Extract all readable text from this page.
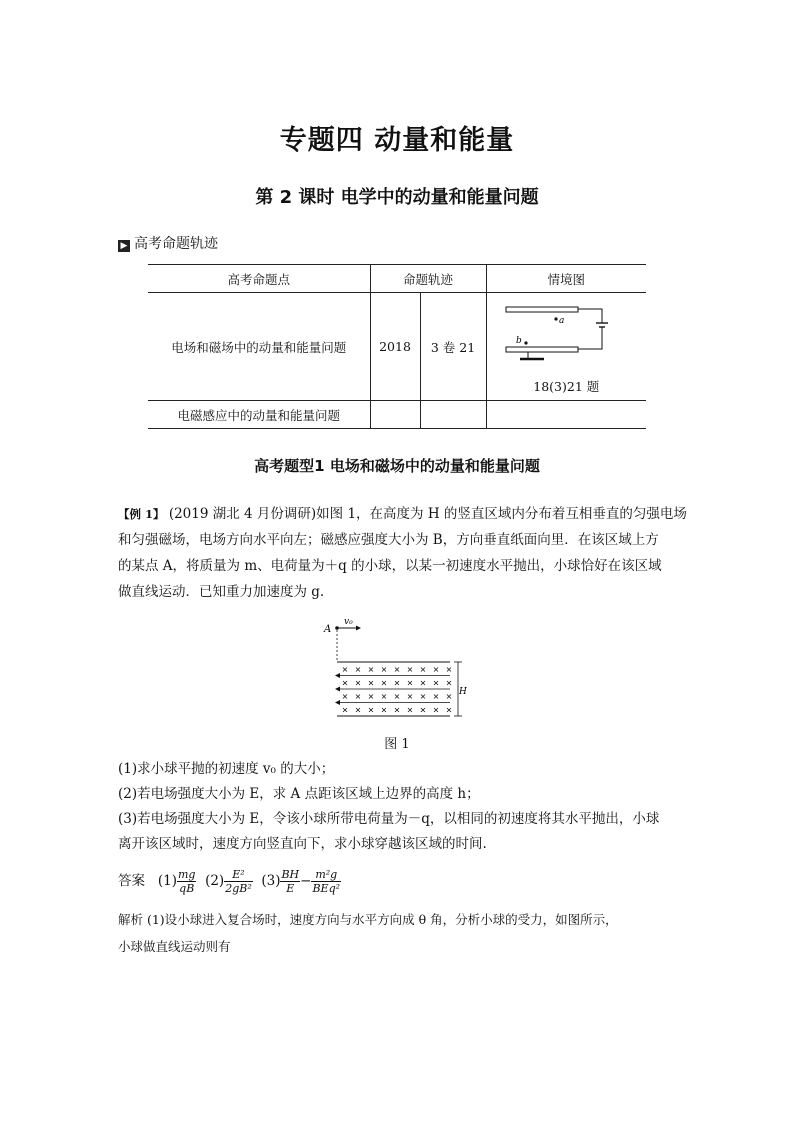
专题四 动量和能量
第 2 课时 电学中的动量和能量问题
▶ 高考命题轨迹
高考命题点	命题轨迹		情境图
电场和磁场中的动量和能量问题	2018	3 卷 21	a
b
18(3)21 题

电磁感应中的动量和能量问题			
高考题型1 电场和磁场中的动量和能量问题
【例 1】 (2019 湖北 4 月份调研)如图 1，在高度为 H 的竖直区域内分布着互相垂直的匀强电场
和匀强磁场，电场方向水平向左；磁感应强度大小为 B，方向垂直纸面向里．在该区域上方
的某点 A，将质量为 m、电荷量为＋q 的小球，以某一初速度水平抛出，小球恰好在该区域
做直线运动．已知重力加速度为 g.
A
v₀
× × × × × × × × ×
× × × × × × × × ×
× × × × × × × × ×
× × × × × × × × ×
H
图 1
(1)求小球平抛的初速度 v₀ 的大小；
(2)若电场强度大小为 E，求 A 点距该区域上边界的高度 h；
(3)若电场强度大小为 E，令该小球所带电荷量为－q，以相同的初速度将其水平抛出，小球
离开该区域时，速度方向竖直向下，求小球穿越该区域的时间.
答案 $(1) \frac{mg}{qB} (2) \frac{\text{E²}}{\text{2gB²}} (3) \frac{BH}{E} - \frac{\text{m²g}}{\text{BEq²}}$
解析 (1)设小球进入复合场时，速度方向与水平方向成 θ 角，分析小球的受力，如图所示，
小球做直线运动则有
